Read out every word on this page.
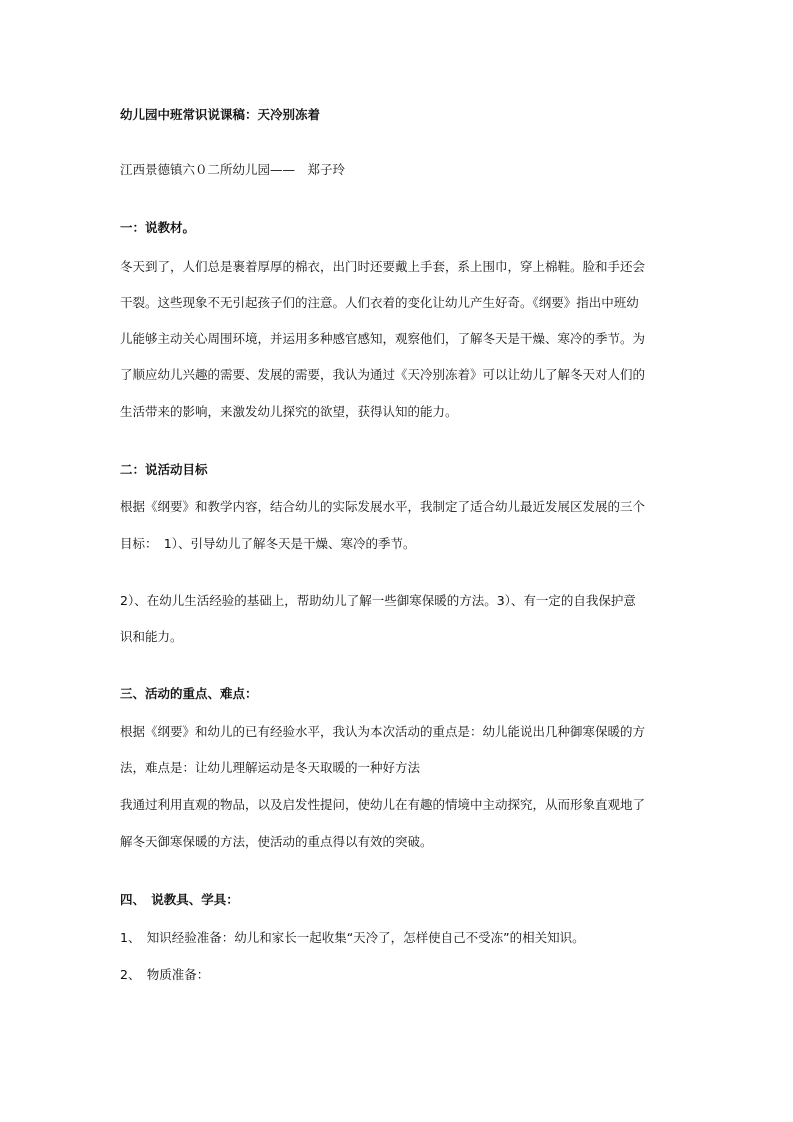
幼儿园中班常识说课稿：天冷别冻着
江西景德镇六０二所幼儿园——　郑子玲
一：说教材。
冬天到了，人们总是裹着厚厚的棉衣，出门时还要戴上手套，系上围巾，穿上棉鞋。脸和手还会
干裂。这些现象不无引起孩子们的注意。人们衣着的变化让幼儿产生好奇。《纲要》指出中班幼
儿能够主动关心周围环境，并运用多种感官感知，观察他们，了解冬天是干燥、寒冷的季节。为
了顺应幼儿兴趣的需要、发展的需要，我认为通过《天冷别冻着》可以让幼儿了解冬天对人们的
生活带来的影响，来激发幼儿探究的欲望，获得认知的能力。
二：说活动目标
根据《纲要》和教学内容，结合幼儿的实际发展水平，我制定了适合幼儿最近发展区发展的三个
目标：　1）、引导幼儿了解冬天是干燥、寒冷的季节。
2）、在幼儿生活经验的基础上，帮助幼儿了解一些御寒保暖的方法。3）、有一定的自我保护意
识和能力。
三、活动的重点、难点：
根据《纲要》和幼儿的已有经验水平，我认为本次活动的重点是：幼儿能说出几种御寒保暖的方
法，难点是：让幼儿理解运动是冬天取暖的一种好方法
我通过利用直观的物品，以及启发性提问，使幼儿在有趣的情境中主动探究，从而形象直观地了
解冬天御寒保暖的方法，使活动的重点得以有效的突破。
四、　说教具、学具：
1、　知识经验准备：幼儿和家长一起收集“天冷了，怎样使自己不受冻”的相关知识。
2、　物质准备：
